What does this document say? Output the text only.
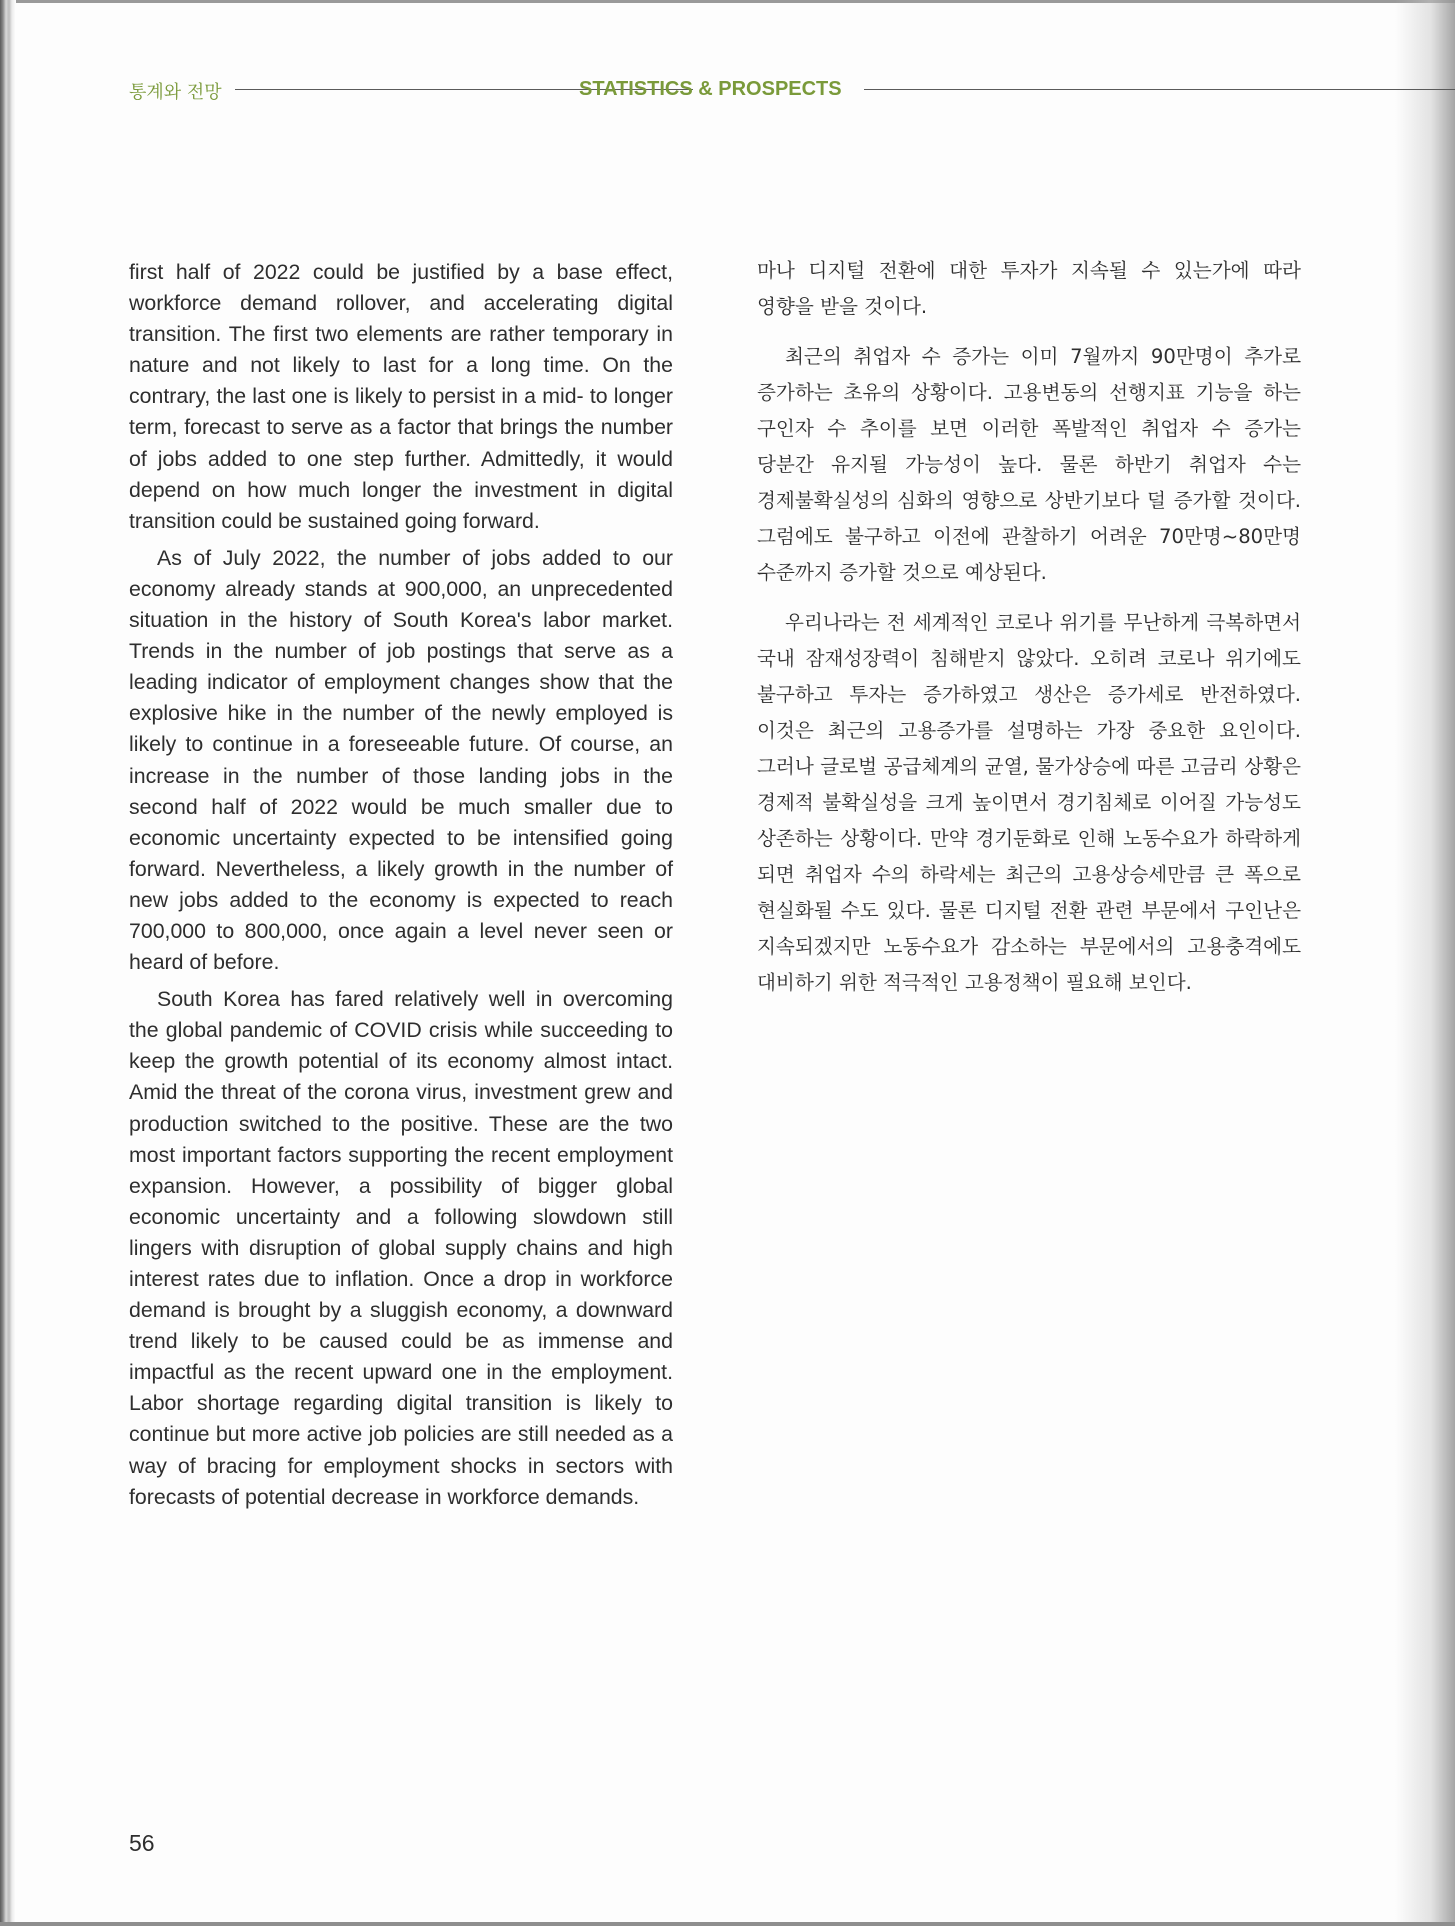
통계와 전망	STATISTICS & PROSPECTS

first half of 2022 could be justified by a base effect, workforce demand rollover, and accelerating digital transition. The first two elements are rather temporary in nature and not likely to last for a long time. On the contrary, the last one is likely to persist in a mid- to longer term, forecast to serve as a factor that brings the number of jobs added to one step further. Admittedly, it would depend on how much longer the investment in digital transition could be sustained going forward.

As of July 2022, the number of jobs added to our economy already stands at 900,000, an unprecedented situation in the history of South Korea's labor market. Trends in the number of job postings that serve as a leading indicator of employment changes show that the explosive hike in the number of the newly employed is likely to continue in a foreseeable future. Of course, an increase in the number of those landing jobs in the second half of 2022 would be much smaller due to economic uncertainty expected to be intensified going forward. Nevertheless, a likely growth in the number of new jobs added to the economy is expected to reach 700,000 to 800,000, once again a level never seen or heard of before.

South Korea has fared relatively well in overcoming the global pandemic of COVID crisis while succeeding to keep the growth potential of its economy almost intact. Amid the threat of the corona virus, investment grew and production switched to the positive. These are the two most important factors supporting the recent employment expansion. However, a possibility of bigger global economic uncertainty and a following slowdown still lingers with disruption of global supply chains and high interest rates due to inflation. Once a drop in workforce demand is brought by a sluggish economy, a downward trend likely to be caused could be as immense and impactful as the recent upward one in the employment. Labor shortage regarding digital transition is likely to continue but more active job policies are still needed as a way of bracing for employment shocks in sectors with forecasts of potential decrease in workforce demands.

마나 디지털 전환에 대한 투자가 지속될 수 있는가에 따라 영향을 받을 것이다.

최근의 취업자 수 증가는 이미 7월까지 90만명이 추가로 증가하는 초유의 상황이다. 고용변동의 선행지표 기능을 하는 구인자 수 추이를 보면 이러한 폭발적인 취업자 수 증가는 당분간 유지될 가능성이 높다. 물론 하반기 취업자 수는 경제불확실성의 심화의 영향으로 상반기보다 덜 증가할 것이다. 그럼에도 불구하고 이전에 관찰하기 어려운 70만명~80만명 수준까지 증가할 것으로 예상된다.

우리나라는 전 세계적인 코로나 위기를 무난하게 극복하면서 국내 잠재성장력이 침해받지 않았다. 오히려 코로나 위기에도 불구하고 투자는 증가하였고 생산은 증가세로 반전하였다. 이것은 최근의 고용증가를 설명하는 가장 중요한 요인이다. 그러나 글로벌 공급체계의 균열, 물가상승에 따른 고금리 상황은 경제적 불확실성을 크게 높이면서 경기침체로 이어질 가능성도 상존하는 상황이다. 만약 경기둔화로 인해 노동수요가 하락하게 되면 취업자 수의 하락세는 최근의 고용상승세만큼 큰 폭으로 현실화될 수도 있다. 물론 디지털 전환 관련 부문에서 구인난은 지속되겠지만 노동수요가 감소하는 부문에서의 고용충격에도 대비하기 위한 적극적인 고용정책이 필요해 보인다.

56
